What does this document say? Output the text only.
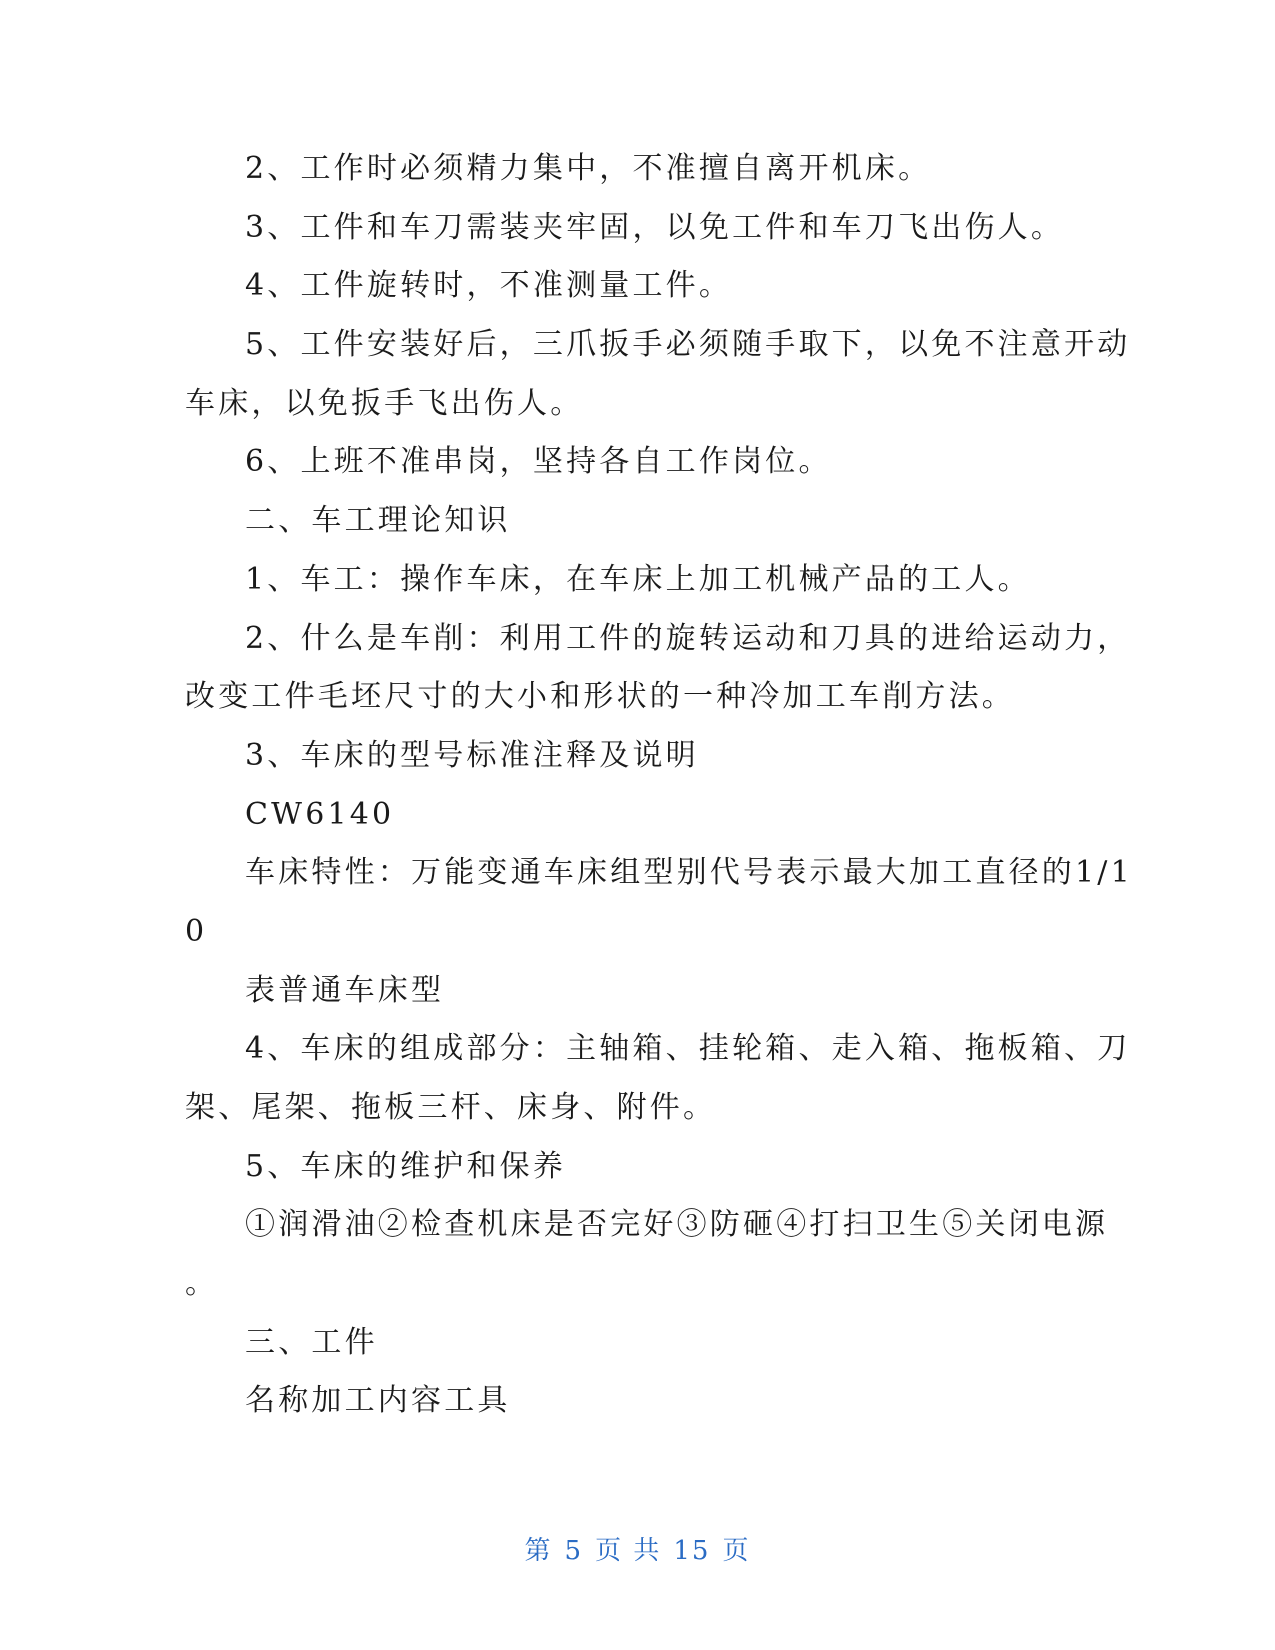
2、工作时必须精力集中，不准擅自离开机床。
3、工件和车刀需装夹牢固，以免工件和车刀飞出伤人。
4、工件旋转时，不准测量工件。
5、工件安装好后，三爪扳手必须随手取下，以免不注意开动
车床，以免扳手飞出伤人。
6、上班不准串岗，坚持各自工作岗位。
二、车工理论知识
1、车工：操作车床，在车床上加工机械产品的工人。
2、什么是车削：利用工件的旋转运动和刀具的进给运动力，
改变工件毛坯尺寸的大小和形状的一种冷加工车削方法。
3、车床的型号标准注释及说明
CW6140
车床特性：万能变通车床组型别代号表示最大加工直径的1/1
0
表普通车床型
4、车床的组成部分：主轴箱、挂轮箱、走入箱、拖板箱、刀
架、尾架、拖板三杆、床身、附件。
5、车床的维护和保养
①润滑油②检查机床是否完好③防砸④打扫卫生⑤关闭电源
。
三、工件
名称加工内容工具
第 5 页 共 15 页
